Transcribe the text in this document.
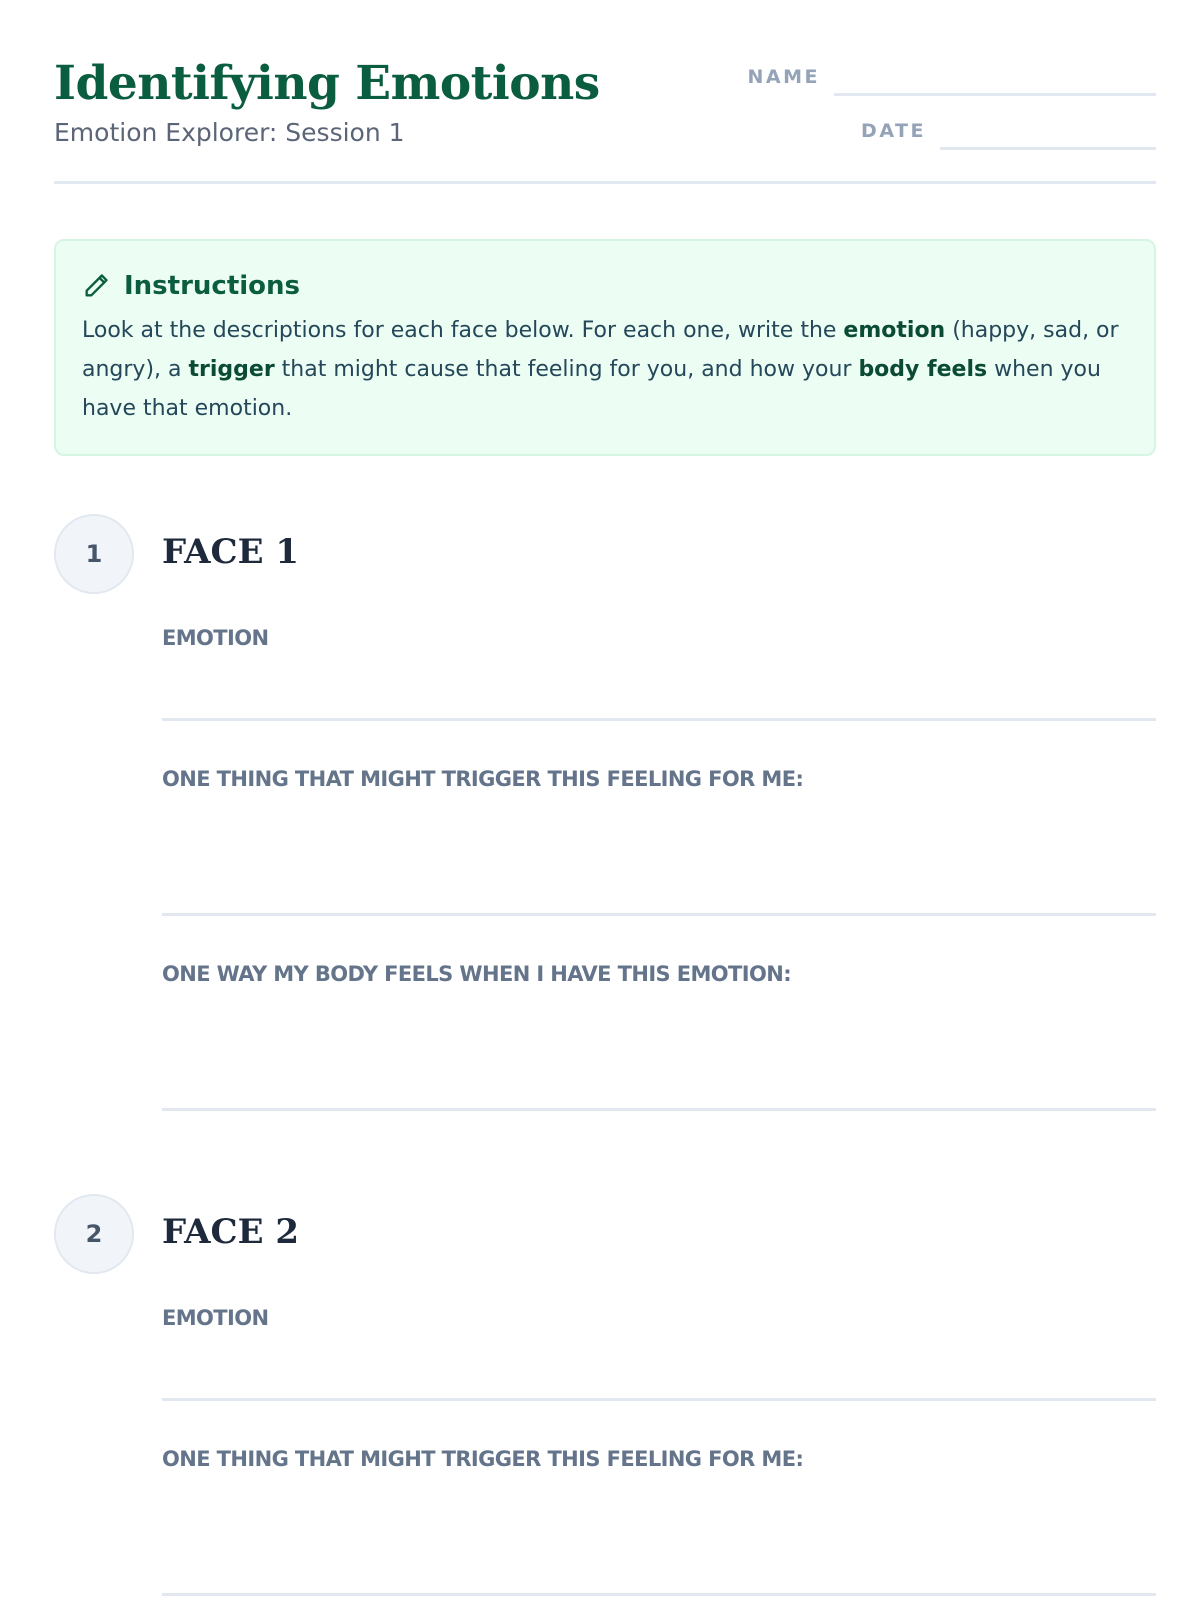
Identifying Emotions
Emotion Explorer: Session 1
NAME
DATE
Instructions

Look at the descriptions for each face below. For each one, write the emotion (happy, sad, or angry), a trigger that might cause that feeling for you, and how your body feels when you have that emotion.

1	FACE 1
EMOTION
ONE THING THAT MIGHT TRIGGER THIS FEELING FOR ME:
ONE WAY MY BODY FEELS WHEN I HAVE THIS EMOTION:
2	FACE 2
EMOTION
ONE THING THAT MIGHT TRIGGER THIS FEELING FOR ME:
